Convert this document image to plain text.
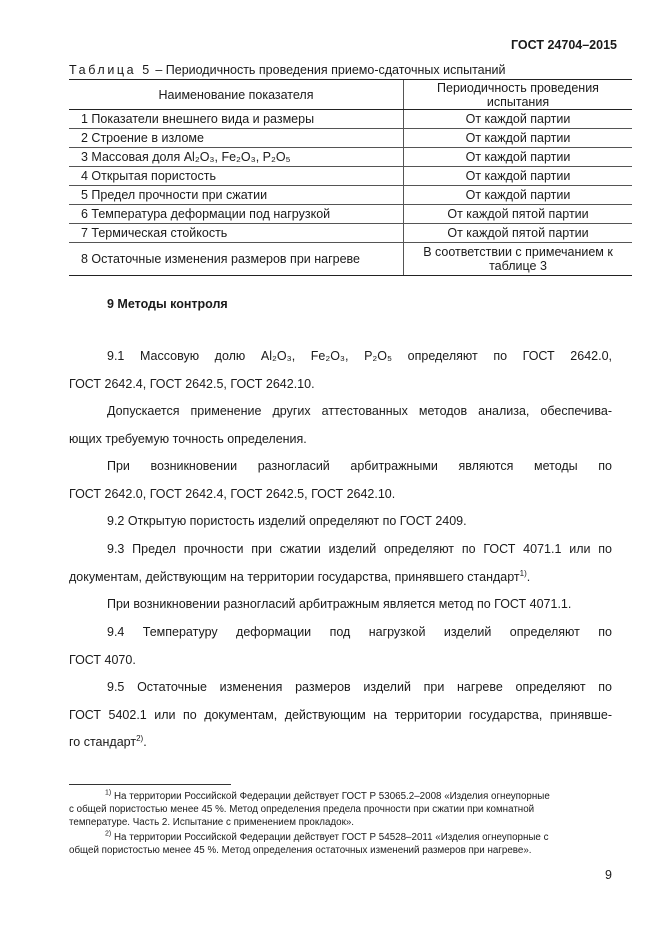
ГОСТ 24704–2015
Таблица 5 – Периодичность проведения приемо-сдаточных испытаний
Наименование показателя	Периодичность проведения испытания
1 Показатели внешнего вида и размеры	От каждой партии
2 Строение в изломе	От каждой партии
3 Массовая доля Al₂O₃, Fe₂O₃, P₂O₅	От каждой партии
4 Открытая пористость	От каждой партии
5 Предел прочности при сжатии	От каждой партии
6 Температура деформации под нагрузкой	От каждой пятой партии
7 Термическая стойкость	От каждой пятой партии
8 Остаточные изменения размеров при нагреве	В соответствии с примечанием к таблице 3
9 Методы контроля
9.1 Массовую долю Al₂O₃, Fe₂O₃, P₂O₅ определяют по ГОСТ 2642.0,
ГОСТ 2642.4, ГОСТ 2642.5, ГОСТ 2642.10.
Допускается применение других аттестованных методов анализа, обеспечива-
ющих требуемую точность определения.
При возникновении разногласий арбитражными являются методы по
ГОСТ 2642.0, ГОСТ 2642.4, ГОСТ 2642.5, ГОСТ 2642.10.
9.2 Открытую пористость изделий определяют по ГОСТ 2409.
9.3 Предел прочности при сжатии изделий определяют по ГОСТ 4071.1 или по
документам, действующим на территории государства, принявшего стандарт$^{1)}$.
При возникновении разногласий арбитражным является метод по ГОСТ 4071.1.
9.4 Температуру деформации под нагрузкой изделий определяют по
ГОСТ 4070.
9.5 Остаточные изменения размеров изделий при нагреве определяют по
ГОСТ 5402.1 или по документам, действующим на территории государства, принявше-
го стандарт$^{2)}$.
$^{1)}$ На территории Российской Федерации действует ГОСТ Р 53065.2–2008 «Изделия огнеупорные
с общей пористостью менее 45 %. Метод определения предела прочности при сжатии при комнатной
температуре. Часть 2. Испытание с применением прокладок».
$^{2)}$ На территории Российской Федерации действует ГОСТ Р 54528–2011 «Изделия огнеупорные с
общей пористостью менее 45 %. Метод определения остаточных изменений размеров при нагреве».
9
